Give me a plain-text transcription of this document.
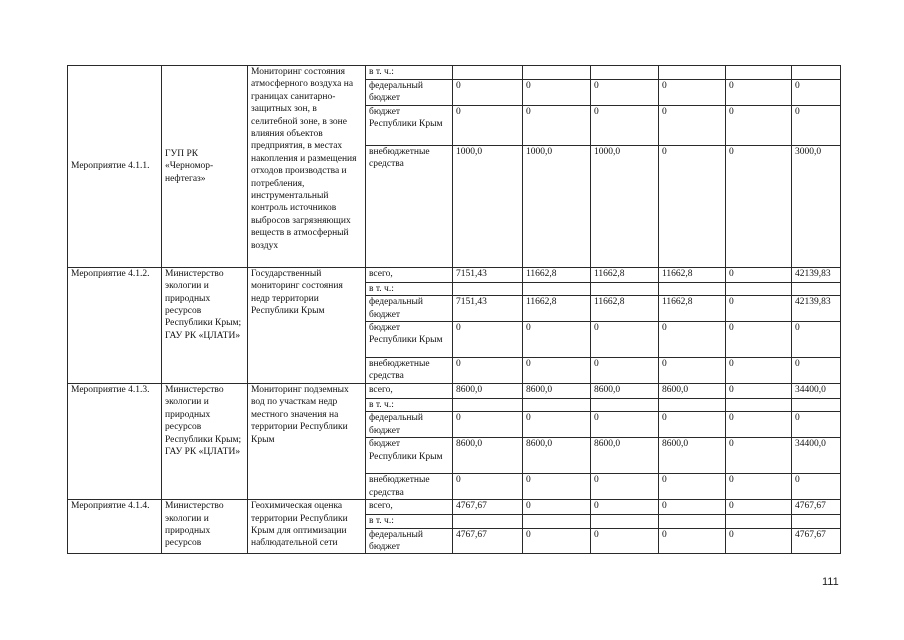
Мероприятие 4.1.1.	ГУП РК «Черномор-нефтегаз»	Мониторинг состояния атмосферного воздуха на границах санитарно-защитных зон, в селитебной зоне, в зоне влияния объектов предприятия, в местах накопления и размещения отходов производства и потребления, инструментальный контроль источников выбросов загрязняющих веществ в атмосферный воздух	в т. ч.:						
			федеральный бюджет	0	0	0	0	0	0
			бюджет Республики Крым	0	0	0	0	0	0
			внебюджетные средства	1000,0	1000,0	1000,0	0	0	3000,0
Мероприятие 4.1.2.	Министерство экологии и природных ресурсов Республики Крым; ГАУ РК «ЦЛАТИ»	Государственный мониторинг состояния недр территории Республики Крым	всего,	7151,43	11662,8	11662,8	11662,8	0	42139,83
			в т. ч.:						
			федеральный бюджет	7151,43	11662,8	11662,8	11662,8	0	42139,83
			бюджет Республики Крым	0	0	0	0	0	0
			внебюджетные средства	0	0	0	0	0	0
Мероприятие 4.1.3.	Министерство экологии и природных ресурсов Республики Крым; ГАУ РК «ЦЛАТИ»	Мониторинг подземных вод по участкам недр местного значения на территории Республики Крым	всего,	8600,0	8600,0	8600,0	8600,0	0	34400,0
			в т. ч.:						
			федеральный бюджет	0	0	0	0	0	0
			бюджет Республики Крым	8600,0	8600,0	8600,0	8600,0	0	34400,0
			внебюджетные средства	0	0	0	0	0	0
Мероприятие 4.1.4.	Министерство экологии и природных ресурсов	Геохимическая оценка территории Республики Крым для оптимизации наблюдательной сети	всего,	4767,67	0	0	0	0	4767,67
			в т. ч.:						
			федеральный бюджет	4767,67	0	0	0	0	4767,67
111
